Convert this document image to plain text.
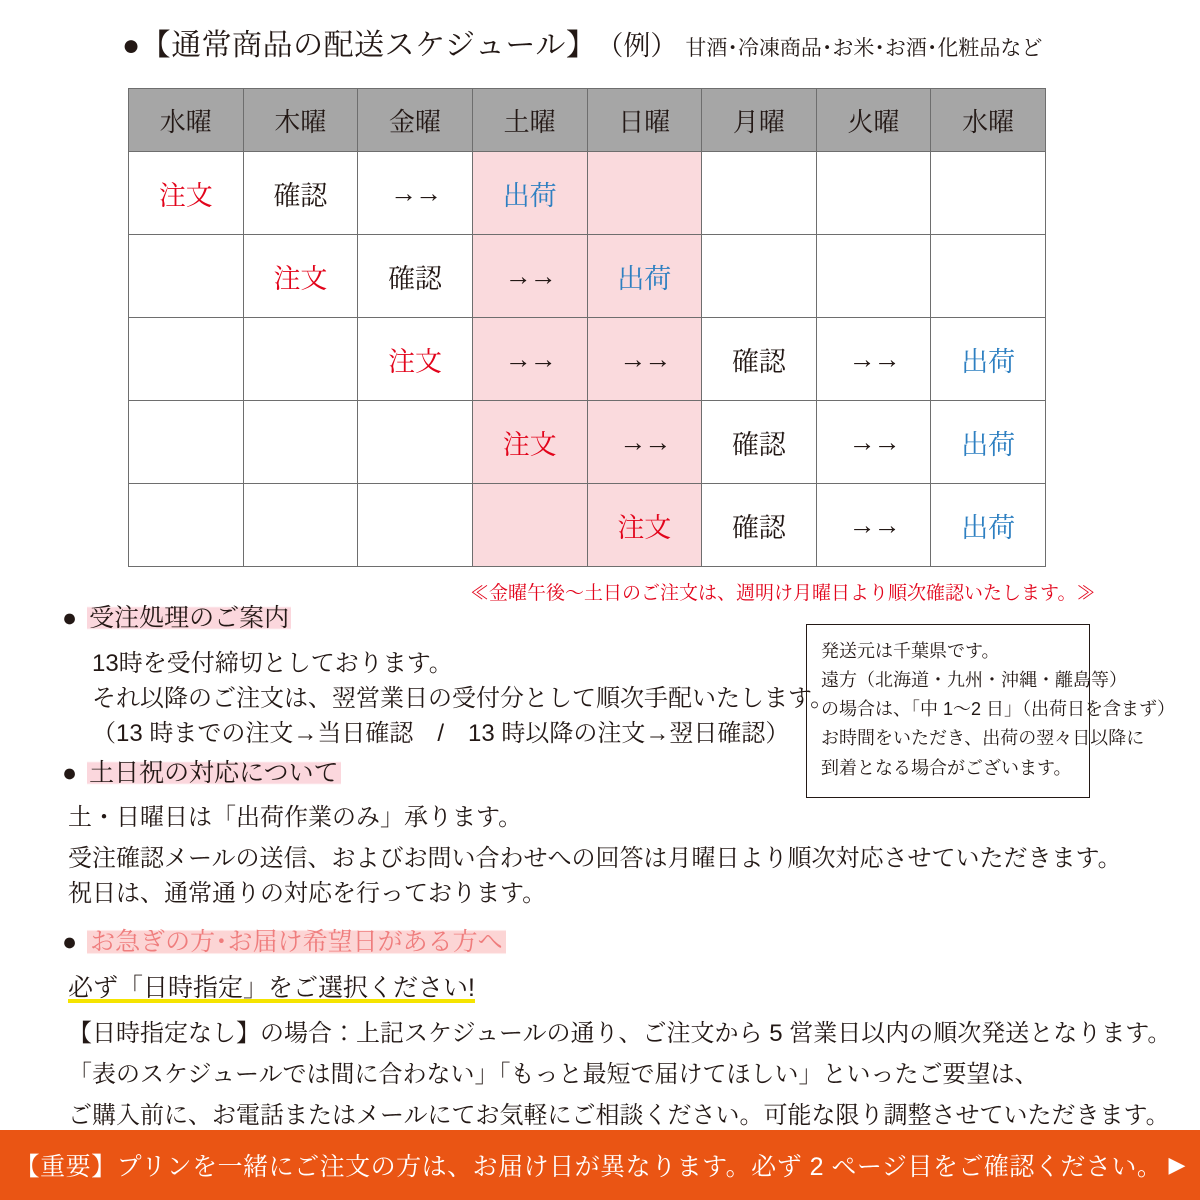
● 【通常商品の配送スケジュール】 （例） 甘酒･冷凍商品･お米･お酒･化粧品など
水曜	木曜	金曜	土曜	日曜	月曜	火曜	水曜
注文	確認	→→	出荷				
	注文	確認	→→	出荷			
		注文	→→	→→	確認	→→	出荷
			注文	→→	確認	→→	出荷
				注文	確認	→→	出荷
≪金曜午後〜土日のご注文は、週明け月曜日より順次確認いたします。≫
● 受注処理のご案内
13時を受付締切としております。
それ以降のご注文は、翌営業日の受付分として順次手配いたします。
（13 時までの注文→当日確認　/　13 時以降の注文→翌日確認）
● 土日祝の対応について
土・日曜日は「出荷作業のみ」承ります。
受注確認メールの送信、およびお問い合わせへの回答は月曜日より順次対応させていただきます。
祝日は、通常通りの対応を行っております。
● お急ぎの方･お届け希望日がある方へ
必ず「日時指定」をご選択ください!
【日時指定なし】の場合：上記スケジュールの通り、ご注文から 5 営業日以内の順次発送となります。
「表のスケジュールでは間に合わない」「もっと最短で届けてほしい」といったご要望は、
ご購入前に、お電話またはメールにてお気軽にご相談ください。可能な限り調整させていただきます。
発送元は千葉県です。
遠方（北海道・九州・沖縄・離島等）
の場合は、「中 1〜2 日」（出荷日を含まず）
お時間をいただき、出荷の翌々日以降に
到着となる場合がございます。
【重要】プリンを一緒にご注文の方は、お届け日が異なります。必ず 2 ページ目をご確認ください。 ▶
